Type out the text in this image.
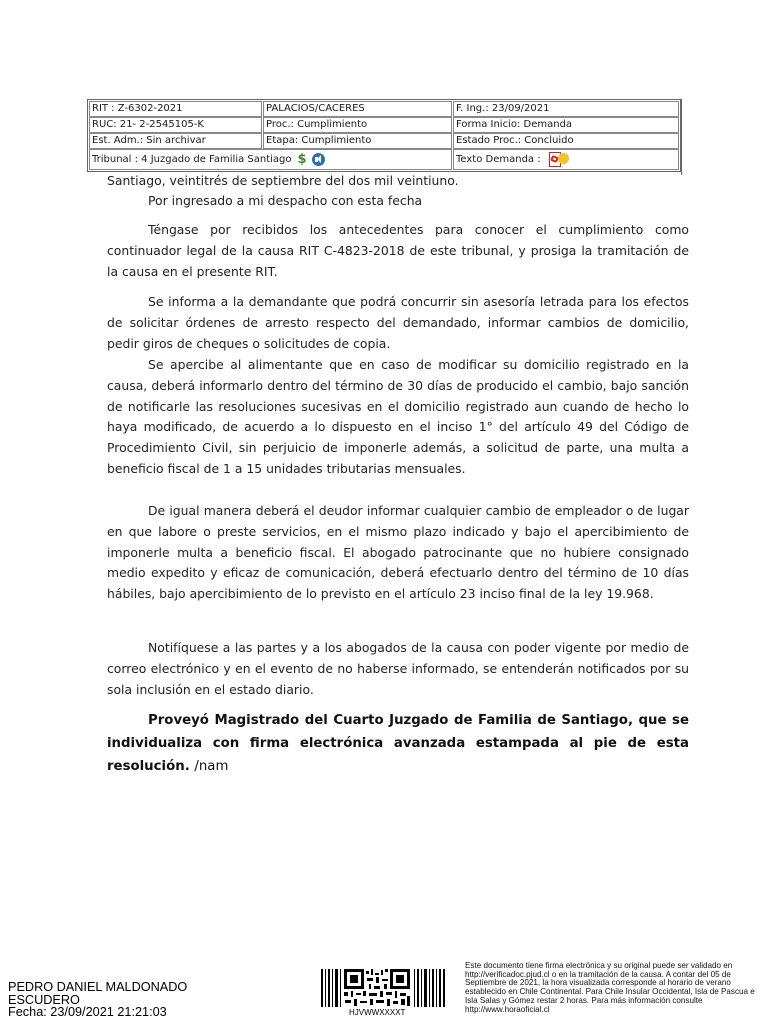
RIT : Z-6302-2021	PALACIOS/CACERES	F. Ing.: 23/09/2021
RUC: 21- 2-2545105-K	Proc.: Cumplimiento	Forma Inicio: Demanda
Est. Adm.: Sin archivar	Etapa: Cumplimiento	Estado Proc.: Concluido
Tribunal : 4 Juzgado de Familia Santiago $	Texto Demanda :
Santiago, veintitrés de septiembre del dos mil veintiuno.
Por ingresado a mi despacho con esta fecha
Téngase por recibidos los antecedentes para conocer el cumplimiento como continuador legal de la causa RIT C-4823-2018 de este tribunal, y prosiga la tramitación de la causa en el presente RIT.
Se informa a la demandante que podrá concurrir sin asesoría letrada para los efectos de solicitar órdenes de arresto respecto del demandado, informar cambios de domicilio, pedir giros de cheques o solicitudes de copia.
Se apercibe al alimentante que en caso de modificar su domicilio registrado en la causa, deberá informarlo dentro del término de 30 días de producido el cambio, bajo sanción de notificarle las resoluciones sucesivas en el domicilio registrado aun cuando de hecho lo haya modificado, de acuerdo a lo dispuesto en el inciso 1° del artículo 49 del Código de Procedimiento Civil, sin perjuicio de imponerle además, a solicitud de parte, una multa a beneficio fiscal de 1 a 15 unidades tributarias mensuales.
De igual manera deberá el deudor informar cualquier cambio de empleador o de lugar en que labore o preste servicios, en el mismo plazo indicado y bajo el apercibimiento de imponerle multa a beneficio fiscal. El abogado patrocinante que no hubiere consignado medio expedito y eficaz de comunicación, deberá efectuarlo dentro del término de 10 días hábiles, bajo apercibimiento de lo previsto en el artículo 23 inciso final de la ley 19.968.
Notifíquese a las partes y a los abogados de la causa con poder vigente por medio de correo electrónico y en el evento de no haberse informado, se entenderán notificados por su sola inclusión en el estado diario.
Proveyó Magistrado del Cuarto Juzgado de Familia de Santiago, que se individualiza con firma electrónica avanzada estampada al pie de esta resolución. /nam
PEDRO DANIEL MALDONADO
ESCUDERO
Fecha: 23/09/2021 21:21:03	HJVWWXXXXT
Este documento tiene firma electrónica y su original puede ser validado en http://verificadoc.pjud.cl o en la tramitación de la causa. A contar del 05 de Septiembre de 2021, la hora visualizada corresponde al horario de verano establecido en Chile Continental. Para Chile Insular Occidental, Isla de Pascua e Isla Salas y Gómez restar 2 horas. Para más información consulte http://www.horaoficial.cl
